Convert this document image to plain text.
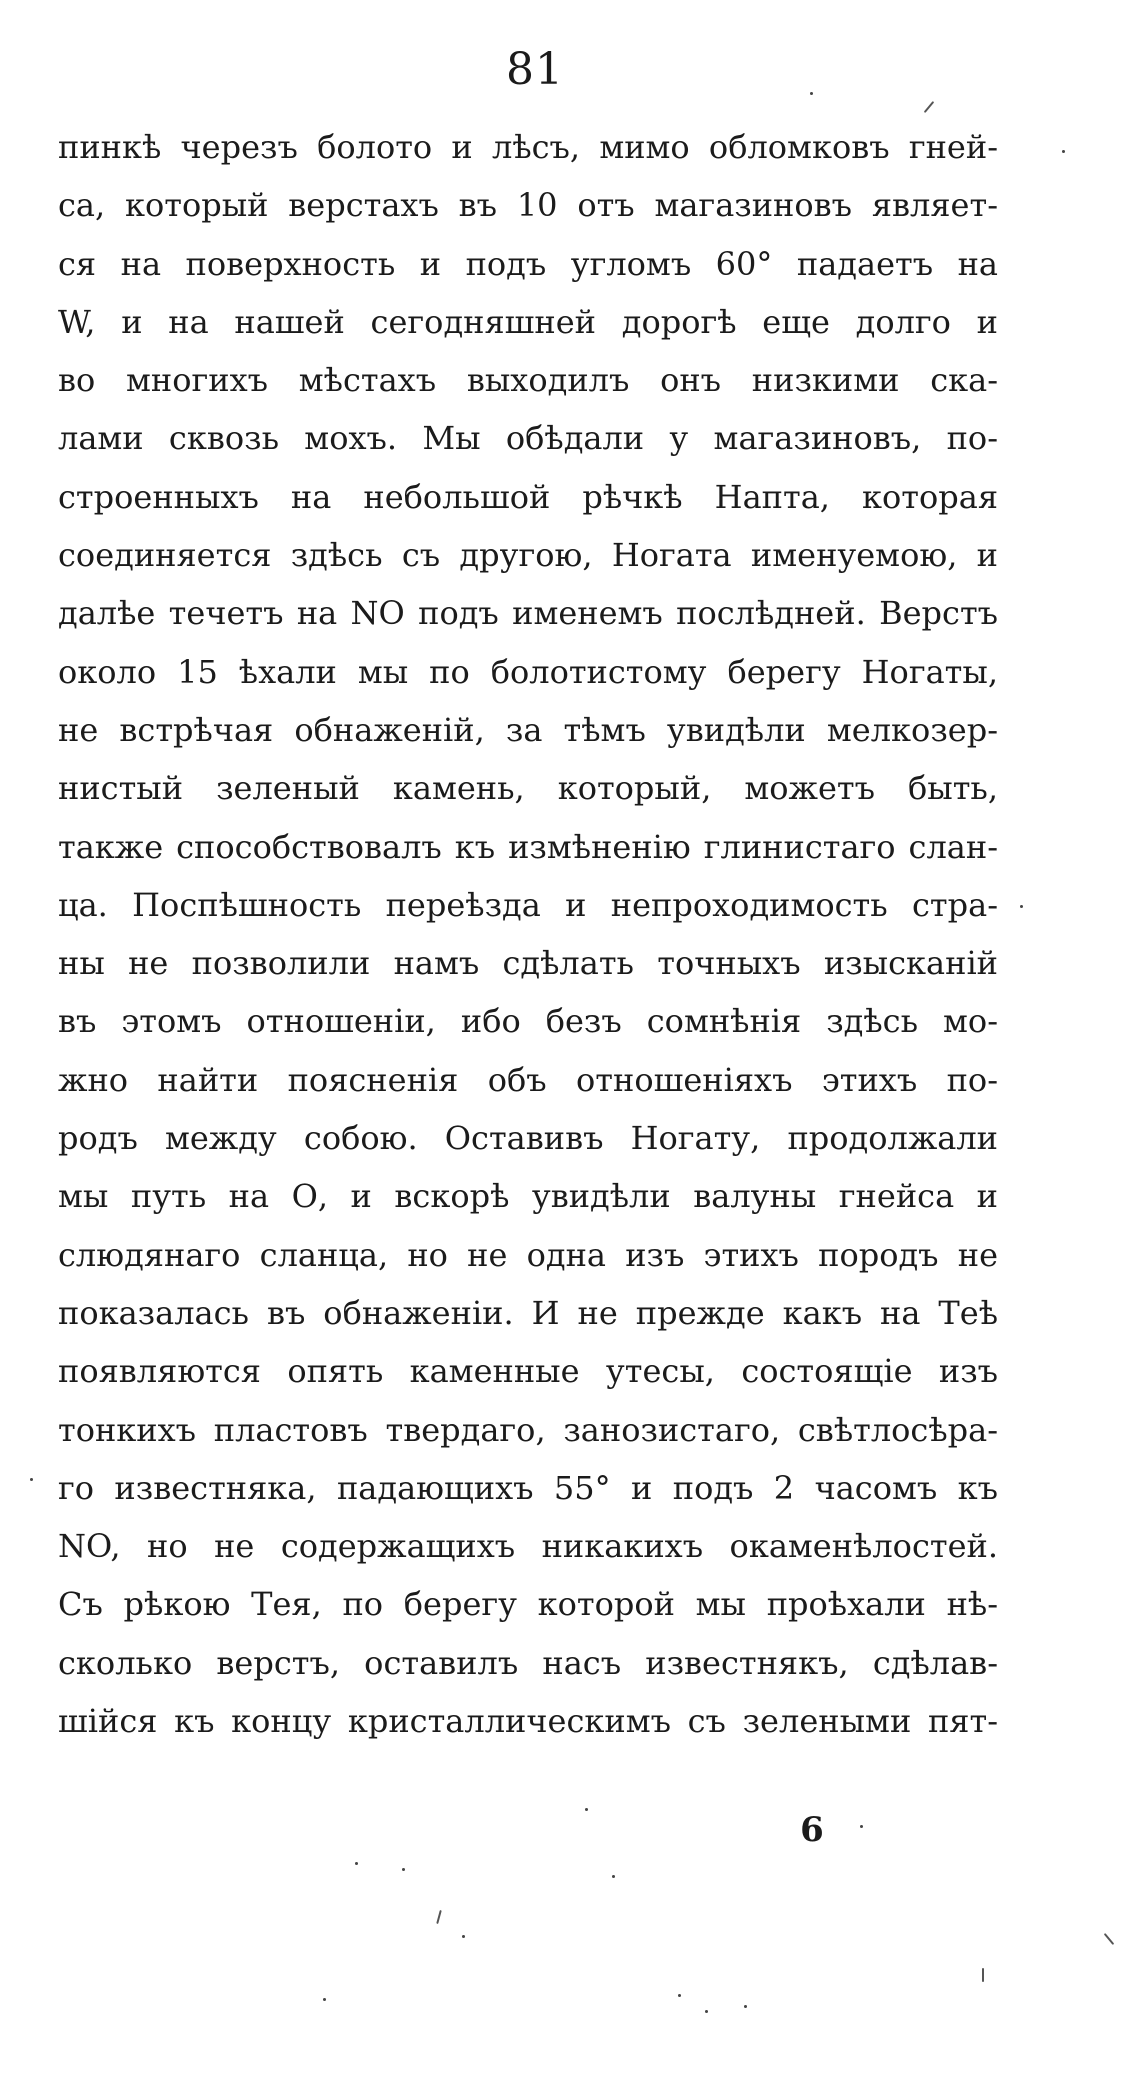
81
пинкѣ черезъ болото и лѣсъ, мимо обломковъ гней-
са, который верстахъ въ 10 отъ магазиновъ являет-
ся на поверхность и подъ угломъ 60° падаетъ на
W, и на нашей сегодняшней дорогѣ еще долго и
во многихъ мѣстахъ выходилъ онъ низкими ска-
лами сквозь мохъ. Мы обѣдали у магазиновъ, по-
строенныхъ на небольшой рѣчкѣ Напта, которая
соединяется здѣсь съ другою, Ногата именуемою, и
далѣе течетъ на NO подъ именемъ послѣдней. Верстъ
около 15 ѣхали мы по болотистому берегу Ногаты,
не встрѣчая обнаженій, за тѣмъ увидѣли мелкозер-
нистый зеленый камень, который, можетъ быть,
также способствовалъ къ измѣненію глинистаго слан-
ца. Поспѣшность переѣзда и непроходимость стра-
ны не позволили намъ сдѣлать точныхъ изысканій
въ этомъ отношеніи, ибо безъ сомнѣнія здѣсь мо-
жно найти поясненія объ отношеніяхъ этихъ по-
родъ между собою. Оставивъ Ногату, продолжали
мы путь на О, и вскорѣ увидѣли валуны гнейса и
слюдянаго сланца, но не одна изъ этихъ породъ не
показалась въ обнаженіи. И не прежде какъ на Теѣ
появляются опять каменные утесы, состоящіе изъ
тонкихъ пластовъ твердаго, занозистаго, свѣтлосѣра-
го известняка, падающихъ 55° и подъ 2 часомъ къ
NO, но не содержащихъ никакихъ окаменѣлостей.
Съ рѣкою Тея, по берегу которой мы проѣхали нѣ-
сколько верстъ, оставилъ насъ известнякъ, сдѣлав-
шійся къ концу кристаллическимъ съ зелеными пят-
6
